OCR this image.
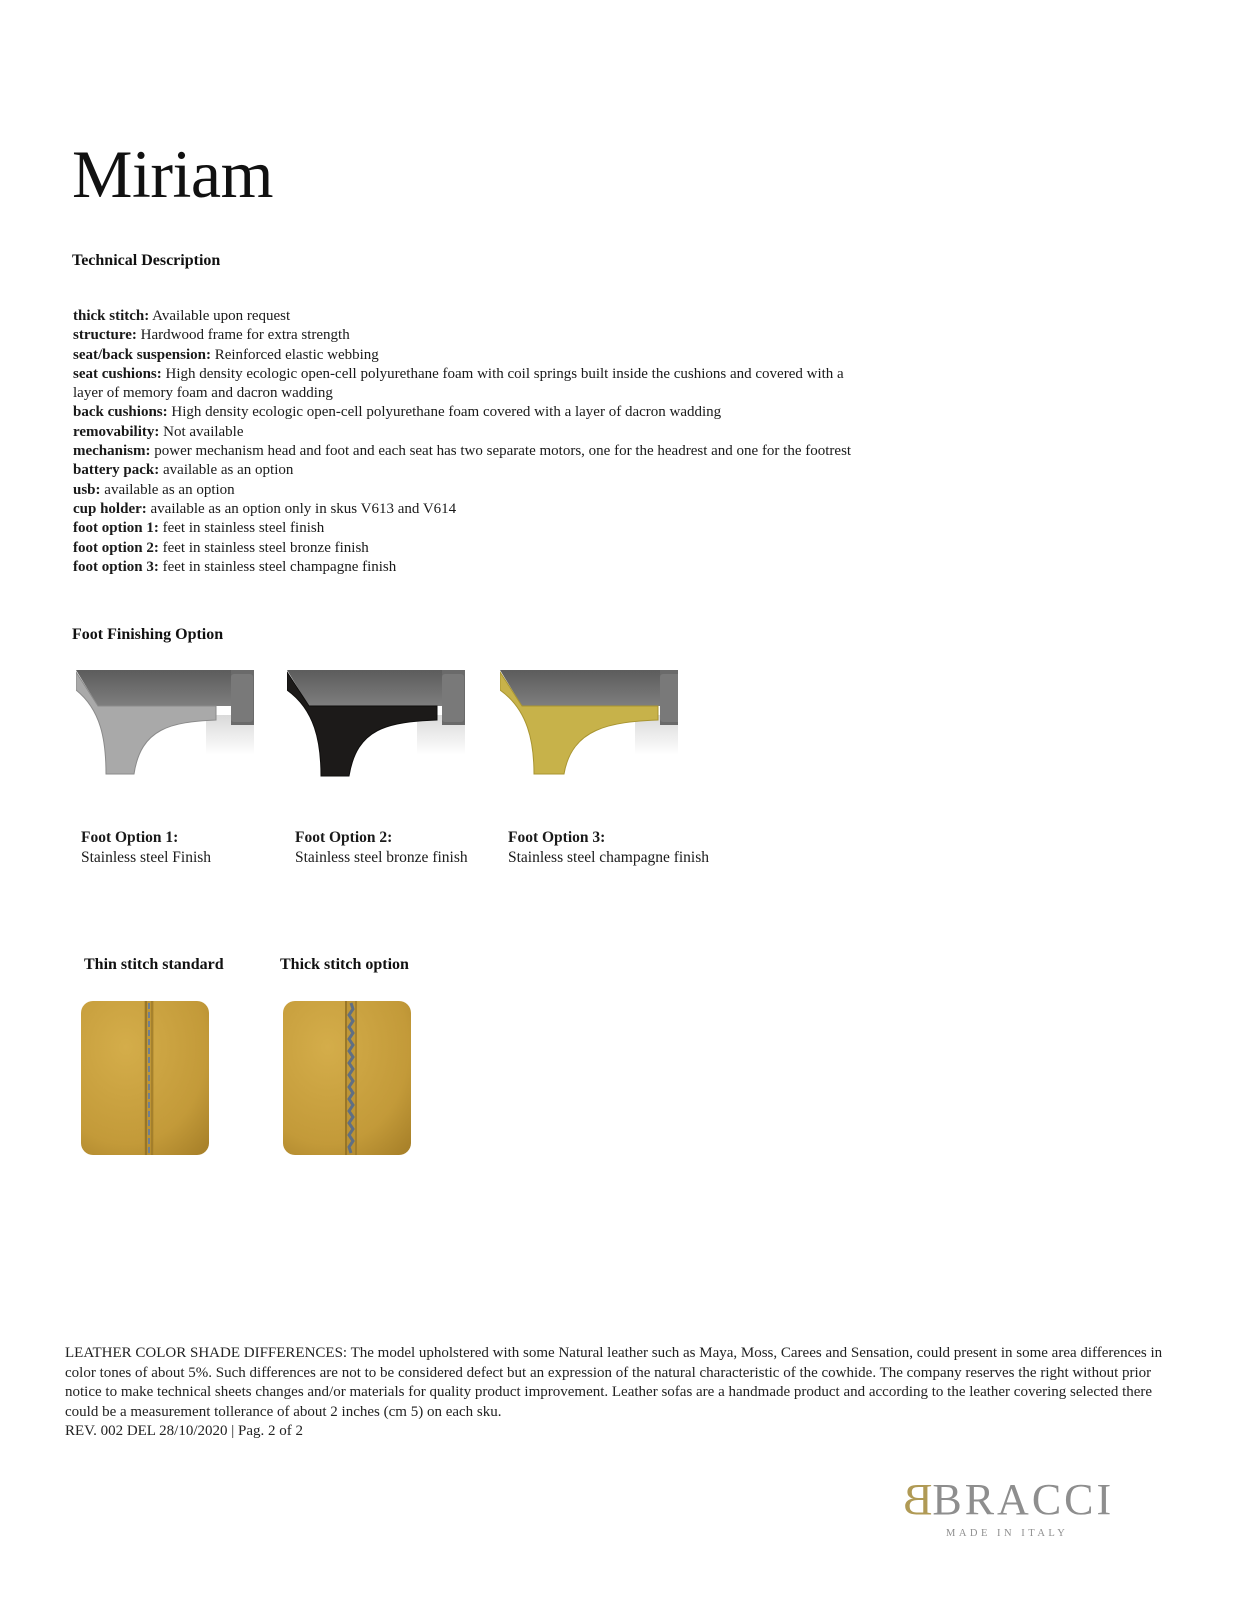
Miriam
Technical Description
thick stitch: Available upon request
structure: Hardwood frame for extra strength
seat/back suspension: Reinforced elastic webbing
seat cushions: High density ecologic open-cell polyurethane foam with coil springs built inside the cushions and covered with a layer of memory foam and dacron wadding
back cushions: High density ecologic open-cell polyurethane foam covered with a layer of dacron wadding
removability: Not available
mechanism: power mechanism head and foot and each seat has two separate motors, one for the headrest and one for the footrest
battery pack: available as an option
usb: available as an option
cup holder: available as an option only in skus V613 and V614
foot option 1: feet in stainless steel finish
foot option 2: feet in stainless steel bronze finish
foot option 3: feet in stainless steel champagne finish
Foot Finishing Option
Foot Option 1:
Stainless steel Finish
Foot Option 2:
Stainless steel bronze finish
Foot Option 3:
Stainless steel champagne finish
Thin stitch standard	Thick stitch option
LEATHER COLOR SHADE DIFFERENCES: The model upholstered with some Natural leather such as Maya, Moss, Carees and Sensation, could present in some area differences in color tones of about 5%. Such differences are not to be considered defect but an expression of the natural characteristic of the cowhide. The company reserves the right without prior notice to make technical sheets changes and/or materials for quality product improvement. Leather sofas are a handmade product and according to the leather covering selected there could be a measurement tollerance of about 2 inches (cm 5) on each sku.
REV. 002 DEL 28/10/2020 | Pag. 2 of 2
BBRACCI
MADE IN ITALY
